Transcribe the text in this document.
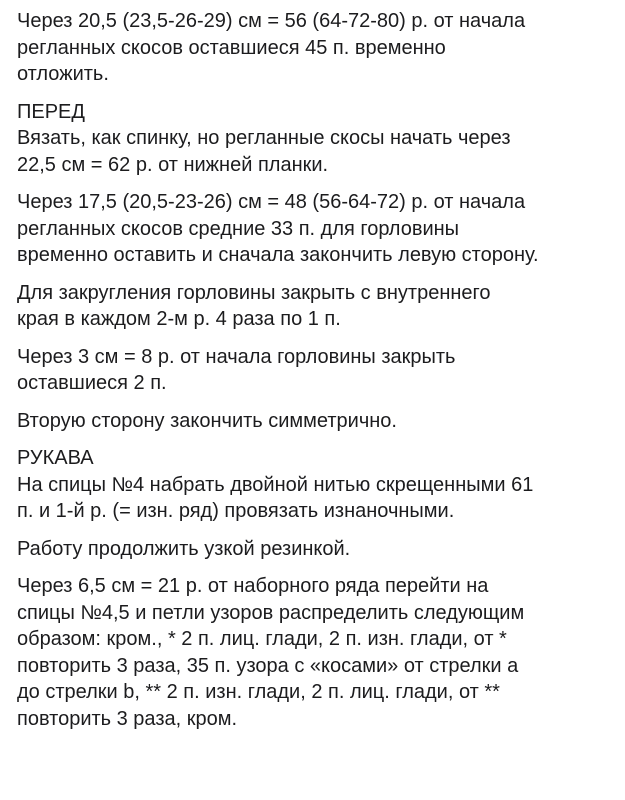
Через 20,5 (23,5-26-29) см = 56 (64-72-80) р. от начала
регланных скосов оставшиеся 45 п. временно
отложить.
ПЕРЕД
Вязать, как спинку, но регланные скосы начать через
22,5 см = 62 р. от нижней планки.
Через 17,5 (20,5-23-26) см = 48 (56-64-72) р. от начала
регланных скосов средние 33 п. для горловины
временно оставить и сначала закончить левую сторону.
Для закругления горловины закрыть с внутреннего
края в каждом 2-м р. 4 раза по 1 п.
Через 3 см = 8 р. от начала горловины закрыть
оставшиеся 2 п.
Вторую сторону закончить симметрично.
РУКАВА
На спицы №4 набрать двойной нитью скрещенными 61
п. и 1-й р. (= изн. ряд) провязать изнаночными.
Работу продолжить узкой резинкой.
Через 6,5 см = 21 р. от наборного ряда перейти на
спицы №4,5 и петли узоров распределить следующим
образом: кром., * 2 п. лиц. глади, 2 п. изн. глади, от *
повторить 3 раза, 35 п. узора с «косами» от стрелки а
до стрелки b, ** 2 п. изн. глади, 2 п. лиц. глади, от **
повторить 3 раза, кром.
